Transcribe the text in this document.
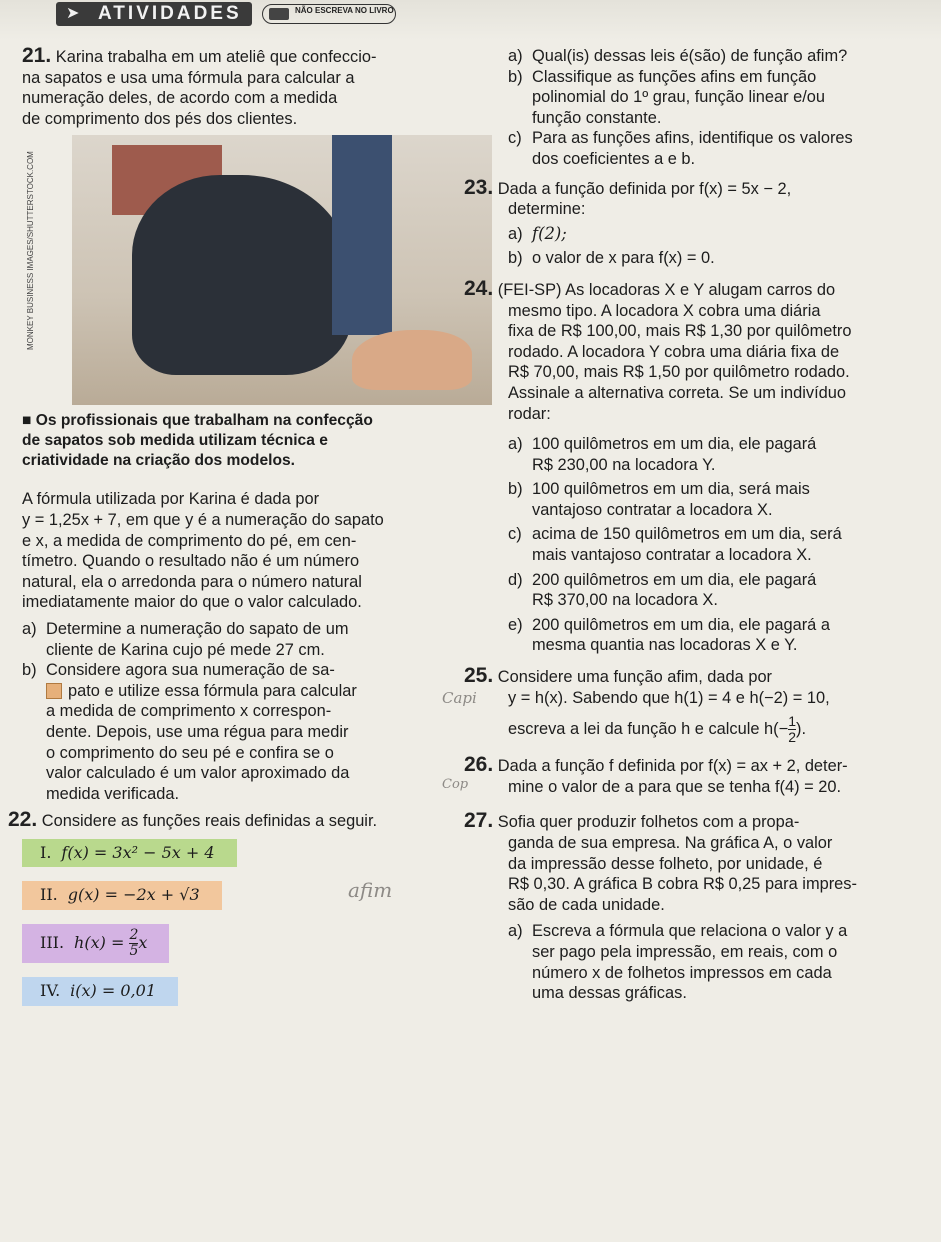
➤ ATIVIDADES	NÃO ESCREVA NO LIVRO
MONKEY BUSINESS IMAGES/SHUTTERSTOCK.COM

21. Karina trabalha em um ateliê que confeccio-

na sapatos e usa uma fórmula para calcular a

numeração deles, de acordo com a medida

de comprimento dos pés dos clientes.

■ Os profissionais que trabalham na confecção

de sapatos sob medida utilizam técnica e

criatividade na criação dos modelos.

A fórmula utilizada por Karina é dada por

y = 1,25x + 7, em que y é a numeração do sapato

e x, a medida de comprimento do pé, em cen-

tímetro. Quando o resultado não é um número

natural, ela o arredonda para o número natural

imediatamente maior do que o valor calculado.

a) Determine a numeração do sapato de um

cliente de Karina cujo pé mede 27 cm.

b) Considere agora sua numeração de sa-

pato e utilize essa fórmula para calcular

a medida de comprimento x correspon-

dente. Depois, use uma régua para medir

o comprimento do seu pé e confira se o

valor calculado é um valor aproximado da

medida verificada.

22. Considere as funções reais definidas a seguir.

I. f(x) = 3x² − 5x + 4
II. g(x) = −2x + √3	afim

III. $h(x) = \frac{2}{5}$ x
IV. i(x) = 0,01

a) Qual(is) dessas leis é(são) de função afim?

b) Classifique as funções afins em função

polinomial do 1º grau, função linear e/ou

função constante.

c) Para as funções afins, identifique os valores

dos coeficientes a e b.

23. Dada a função definida por f(x) = 5x − 2,

determine:

a) f(2);

b) o valor de x para f(x) = 0.

24. (FEI-SP) As locadoras X e Y alugam carros do

mesmo tipo. A locadora X cobra uma diária

fixa de R$ 100,00, mais R$ 1,30 por quilômetro

rodado. A locadora Y cobra uma diária fixa de

R$ 70,00, mais R$ 1,50 por quilômetro rodado.

Assinale a alternativa correta. Se um indivíduo

rodar:

a) 100 quilômetros em um dia, ele pagará

R$ 230,00 na locadora Y.

b) 100 quilômetros em um dia, será mais

vantajoso contratar a locadora X.

c) acima de 150 quilômetros em um dia, será

mais vantajoso contratar a locadora X.

d) 200 quilômetros em um dia, ele pagará

R$ 370,00 na locadora X.

e) 200 quilômetros em um dia, ele pagará a

mesma quantia nas locadoras X e Y.

25. Considere uma função afim, dada por

Capi y = h(x). Sabendo que h(1) = 4 e h(−2) = 10,

escreva a lei da função h e calcule $h(- \frac{1}{2}$ ).

26. Dada a função f definida por f(x) = ax + 2, deter-

Cop mine o valor de a para que se tenha f(4) = 20.

27. Sofia quer produzir folhetos com a propa-

ganda de sua empresa. Na gráfica A, o valor

da impressão desse folheto, por unidade, é

R$ 0,30. A gráfica B cobra R$ 0,25 para impres-

são de cada unidade.

a) Escreva a fórmula que relaciona o valor y a

ser pago pela impressão, em reais, com o

número x de folhetos impressos em cada

uma dessas gráficas.
